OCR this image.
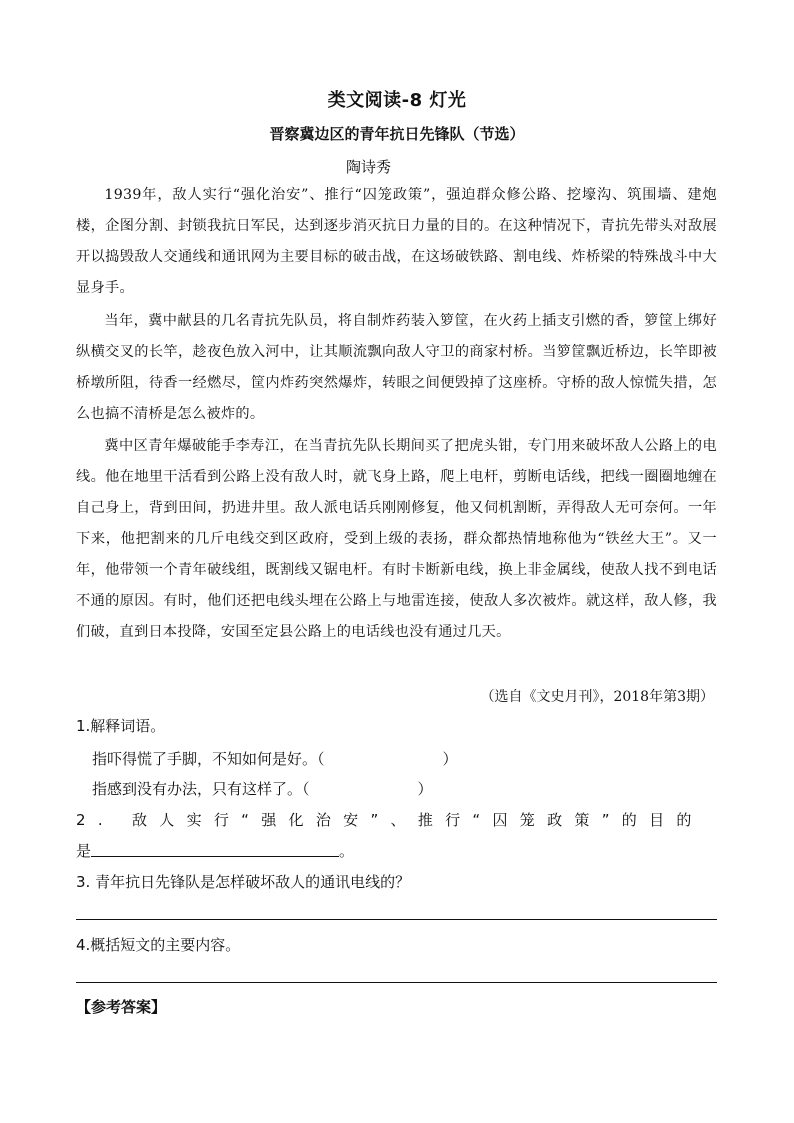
类文阅读-8 灯光
晋察冀边区的青年抗日先锋队（节选）
陶诗秀

1939年，敌人实行“强化治安”、推行“囚笼政策”，强迫群众修公路、挖壕沟、筑围墙、建炮楼，企图分割、封锁我抗日军民，达到逐步消灭抗日力量的目的。在这种情况下，青抗先带头对敌展开以捣毁敌人交通线和通讯网为主要目标的破击战，在这场破铁路、割电线、炸桥梁的特殊战斗中大显身手。

当年，冀中献县的几名青抗先队员，将自制炸药装入箩筐，在火药上插支引燃的香，箩筐上绑好纵横交叉的长竿，趁夜色放入河中，让其顺流飘向敌人守卫的商家村桥。当箩筐飘近桥边，长竿即被桥墩所阻，待香一经燃尽，筐内炸药突然爆炸，转眼之间便毁掉了这座桥。守桥的敌人惊慌失措，怎么也搞不清桥是怎么被炸的。

冀中区青年爆破能手李寿江，在当青抗先队长期间买了把虎头钳，专门用来破坏敌人公路上的电线。他在地里干活看到公路上没有敌人时，就飞身上路，爬上电杆，剪断电话线，把线一圈圈地缠在自己身上，背到田间，扔进井里。敌人派电话兵刚刚修复，他又伺机割断，弄得敌人无可奈何。一年下来，他把割来的几斤电线交到区政府，受到上级的表扬，群众都热情地称他为“铁丝大王”。又一年，他带领一个青年破线组，既割线又锯电杆。有时卡断新电线，换上非金属线，使敌人找不到电话不通的原因。有时，他们还把电线头埋在公路上与地雷连接，使敌人多次被炸。就这样，敌人修，我们破，直到日本投降，安国至定县公路上的电话线也没有通过几天。

（选自《文史月刊》，2018年第3期）
1.解释词语。
指吓得慌了手脚，不知如何是好。（	）
指感到没有办法，只有这样了。（	）
2. 敌人实行“强化治安”、推行“囚笼政策”的目的
是	。
3. 青年抗日先锋队是怎样破坏敌人的通讯电线的？
4.概括短文的主要内容。
【参考答案】
